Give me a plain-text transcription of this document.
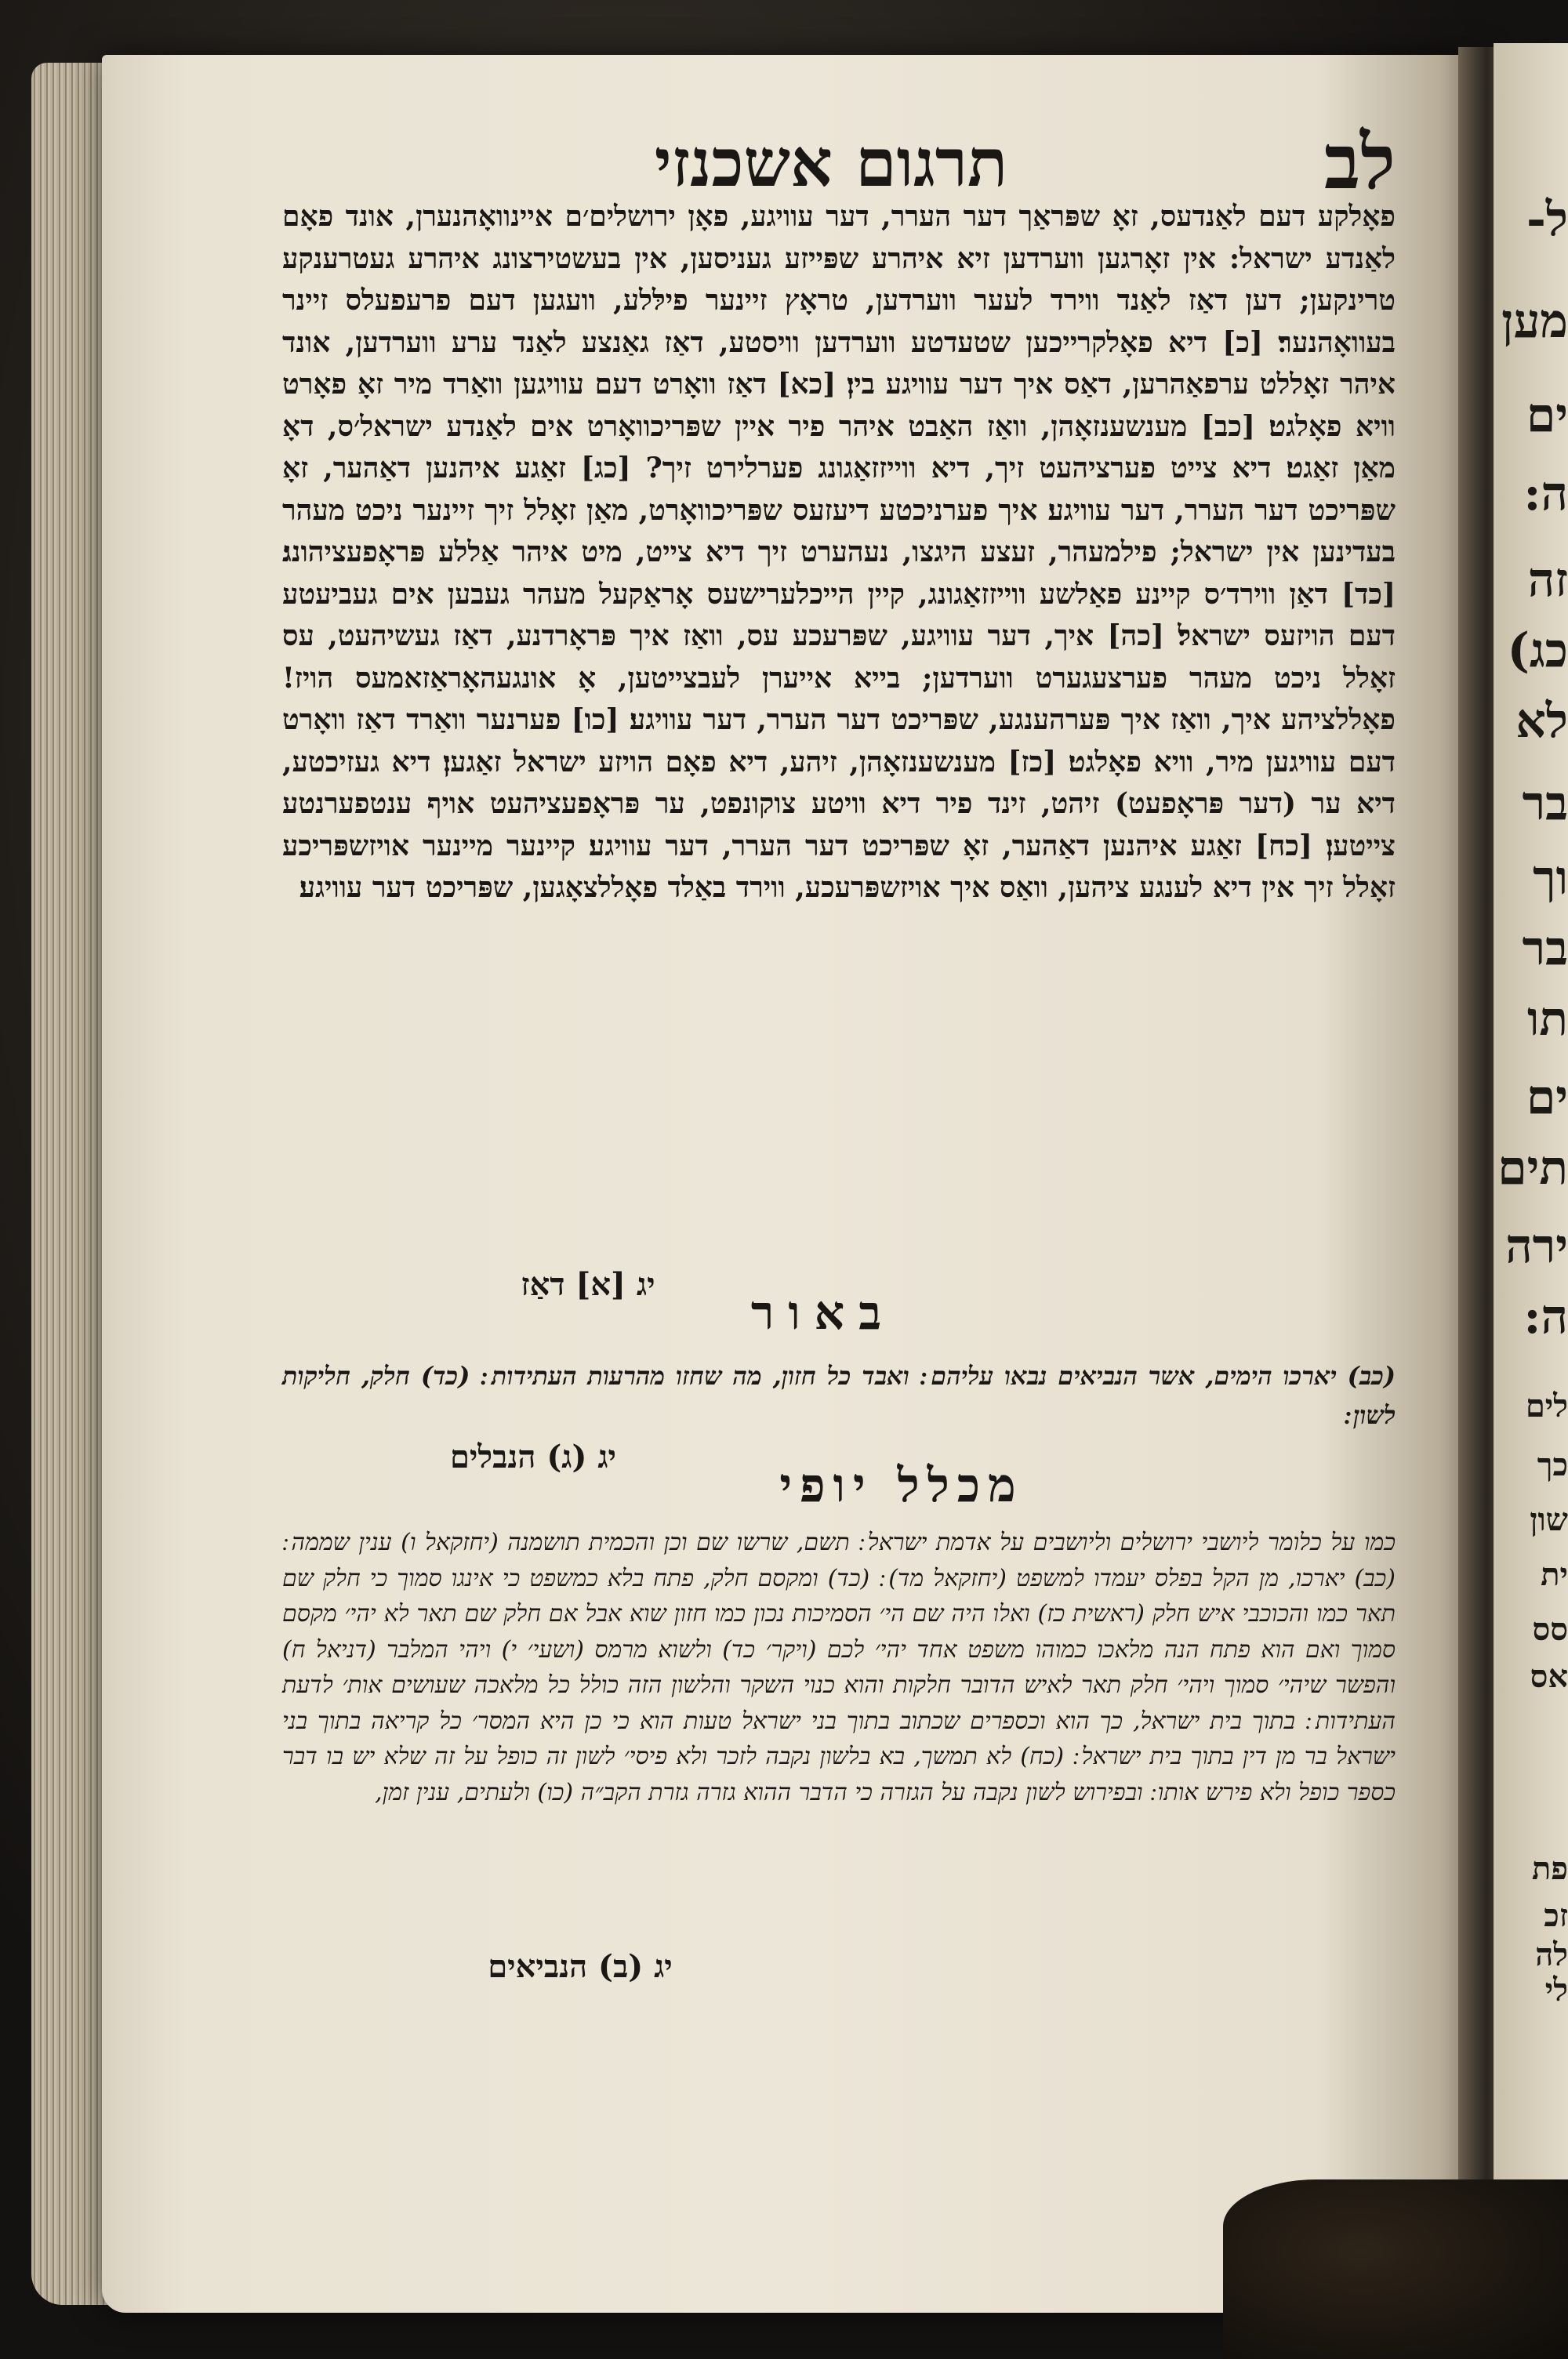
ל-
מען
ים
ה:
זה
כג)
לא
בר
וך
בר
תו
ים
תים
ירה
ה:
לים
כך
שון
ית
סס
אס
פת
זכ
לה
לי
לב
תרגום אשכנזי

פאָלקע דעם לאַנדעס, זאָ שפּראַך דער הערר, דער עוויגע, פאָן ירושלים׳ם איינוואָהנערן, אונד פאָם לאַנדע ישראל: אין זאָרגען ווערדען זיא איהרע שפּייזע געניסען, אין בעשטירצונג איהרע געטרענקע טרינקען; דען דאַז לאַנד ווירד לעער ווערדען, טראָץ זיינער פילּלע, וועגען דעם פרעפעלס זיינר בעוואָהנער׃ [כ] דיא פאָלקרייכען שטעדטע ווערדען וויסטע, דאַז גאַנצע לאַנד ערע ווערדען, אונד איהר זאָללט ערפאַהרען, דאַס איך דער עוויגע בין׃ [כא] דאַז וואָרט דעם עוויגען וואַרד מיר זאָ פאָרט וויא פאָלגט׃ [כב] מענשענזאָהן, וואַז האַבט איהר פיר איין שפּריכוואָרט אים לאַנדע ישראל׳ס, דאָ מאַן זאַגט׃ דיא צייט פערציהעט זיך, דיא ווייזזאַגונג פערלירט זיך? [כג] זאַגע איהנען דאַהער, זאָ שפּריכט דער הערר, דער עוויגע׃ איך פערניכטע דיעזעס שפּריכוואָרט, מאַן זאָלל זיך זיינער ניכט מעהר בעדינען אין ישראל; פילמעהר, זעצע היגצו, נעהערט זיך דיא צייט, מיט איהר אַללע פּראָפעציהונג׃ [כד] דאַן ווירד׳ס קיינע פאַלשע ווייזזאַגונג, קיין הייכלערישעס אָראַקעל מעהר געבען אים געביעטע דעם הויזעס ישראל׃ [כה] איך, דער עוויגע, שפּרעכע עס, וואַז איך פּראָרדנע, דאַז געשיהעט, עס זאָלל ניכט מעהר פערצעגערט ווערדען; בייא אייערן לעבצייטען, אָ אונגעהאָראַזאמעס הויז! פאָללציהע איך, וואַז איך פּערהענגע, שפּריכט דער הערר, דער עוויגע׃ [כו] פערנער וואַרד דאַז וואָרט דעם עוויגען מיר, וויא פאָלגט׃ [כז] מענשענזאָהן, זיהע, דיא פאָם הויזע ישראל זאַגען׃ דיא געזיכטע, דיא ער (דער פּראָפעט) זיהט, זינד פיר דיא וויטע צוקונפט, ער פּראָפעציהעט אויף ענטפערנטע צייטען׃ [כח] זאַגע איהנען דאַהער, זאָ שפּריכט דער הערר, דער עוויגע׃ קיינער מיינער אויזשפּריכע זאָלל זיך אין דיא לענגע ציהען, וואַס איך אויזשפּרעכע, ווירד באַלד פאָללצאָגען, שפּריכט דער עוויגע׃

יג [א] דאַז
באור
(כב) יארכו הימים, אשר הנביאים נבאו עליהם ׃ ואבד כל חזון, מה שחזו מהרעות העתידות ׃ (כד) חלק, חליקות לשון ׃
יג (ג) הנבלים
מכלל יופי

כמו על כלומר ליושבי ירושלים וליושבים על אדמת ישראל ׃ תשם, שרשו שם וכן והכמית תושמנה (יחזקאל ו) ענין שממה ׃ (כב) יארכו, מן הקל בפלס יעמדו למשפט (יחזקאל מד) ׃ (כד) ומקסם חלק, פתח בלא כמשפט כי אינגו סמוך כי חלק שם תאר כמו והכוכבי איש חלק (ראשית כז) ואלו היה שם הי׳ הסמיכות נכון כמו חזון שוא אבל אם חלק שם תאר לא יהי׳ מקסם סמוך ואם הוא פתח הנה מלאכו כמוהו משפט אחד יהי׳ לכם (ויקר׳ כד) ולשוא מרמס (ושעי׳ י) ויהי המלבר (דניאל ח) והפשר שיהי׳ סמוך ויהי׳ חלק תאר לאיש הדובר חלקות והוא כנוי השקר והלשון הזה כולל כל מלאכה שעושים אות׳ לדעת העתידות ׃ בתוך בית ישראל, כך הוא וכספרים שכתוב בתוך בני ישראל טעות הוא כי כן היא המסר׳ כל קריאה בתוך בני ישראל בר מן דין בתוך בית ישראל ׃ (כח) לא תמשך, בא בלשון נקבה לזכר ולא פיסי׳ לשון זה כופל על זה שלא יש בו דבר כספר כופל ולא פירש אותו ׃ ובפירוש לשון נקבה על הגזרה כי הדבר ההוא גזרה גזרת הקב״ה (כו) ולעתים, ענין זמן,

יג (ב) הנביאים
